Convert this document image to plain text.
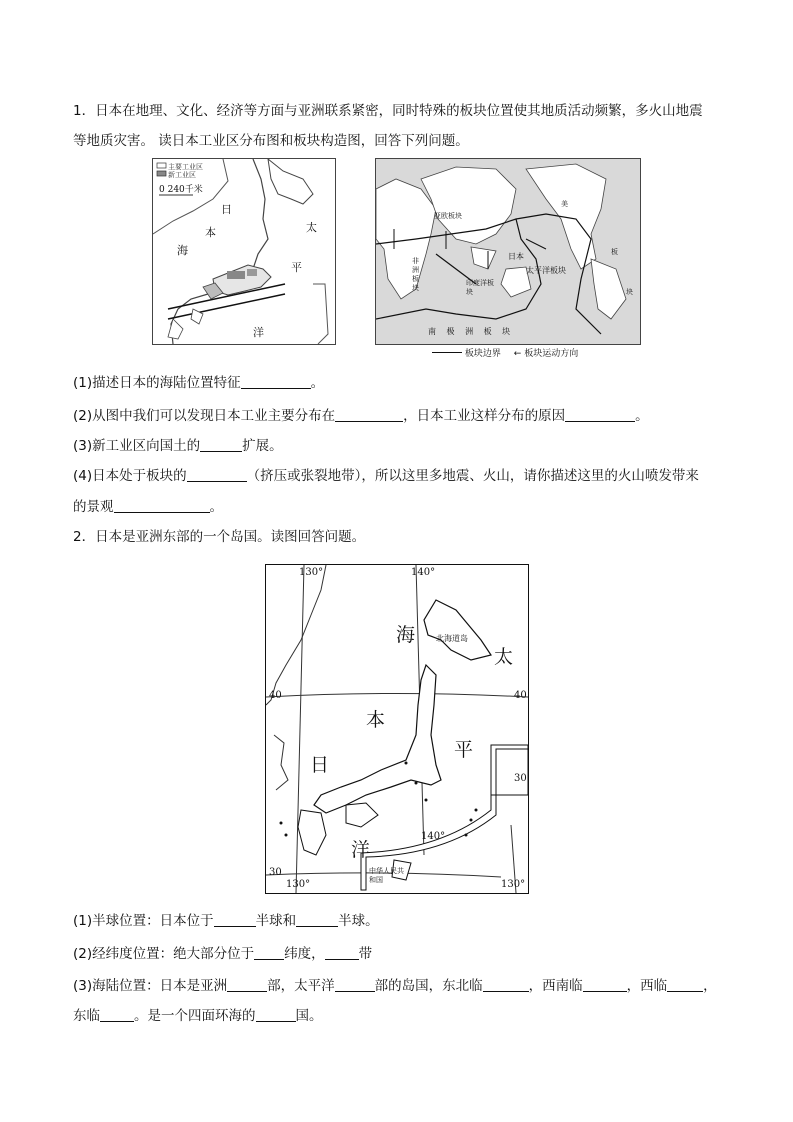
1．日本在地理、文化、经济等方面与亚洲联系紧密，同时特殊的板块位置使其地质活动频繁，多火山地震
等地质灾害。 读日本工业区分布图和板块构造图，回答下列问题。
主要工业区
新工业区
0 240千米
日
本
海
太
平
洋
亚欧板块
非洲板块
印度洋板块
太平洋板块
日本
美
板
块
南 极 洲 板 块
板块边界 ← 板块运动方向
(1)描述日本的海陆位置特征	。
(2)从图中我们可以发现日本工业主要分布在	，日本工业这样分布的原因	。
(3)新工业区向国土的	扩展。
(4)日本处于板块的	（挤压或张裂地带），所以这里多地震、火山，请你描述这里的火山喷发带来
的景观	。
2．日本是亚洲东部的一个岛国。读图回答问题。
130°	140°
40	40
30
30
130°
140°
130°
海
太
本
平
日
洋
北海道岛
中华人民共和国
(1)半球位置：日本位于	半球和	半球。
(2)经纬度位置：绝大部分位于 纬度，	带
(3)海陆位置：日本是亚洲	部，太平洋	部的岛国，东北临	，西南临	，西临	，
东临	。是一个四面环海的	国。
